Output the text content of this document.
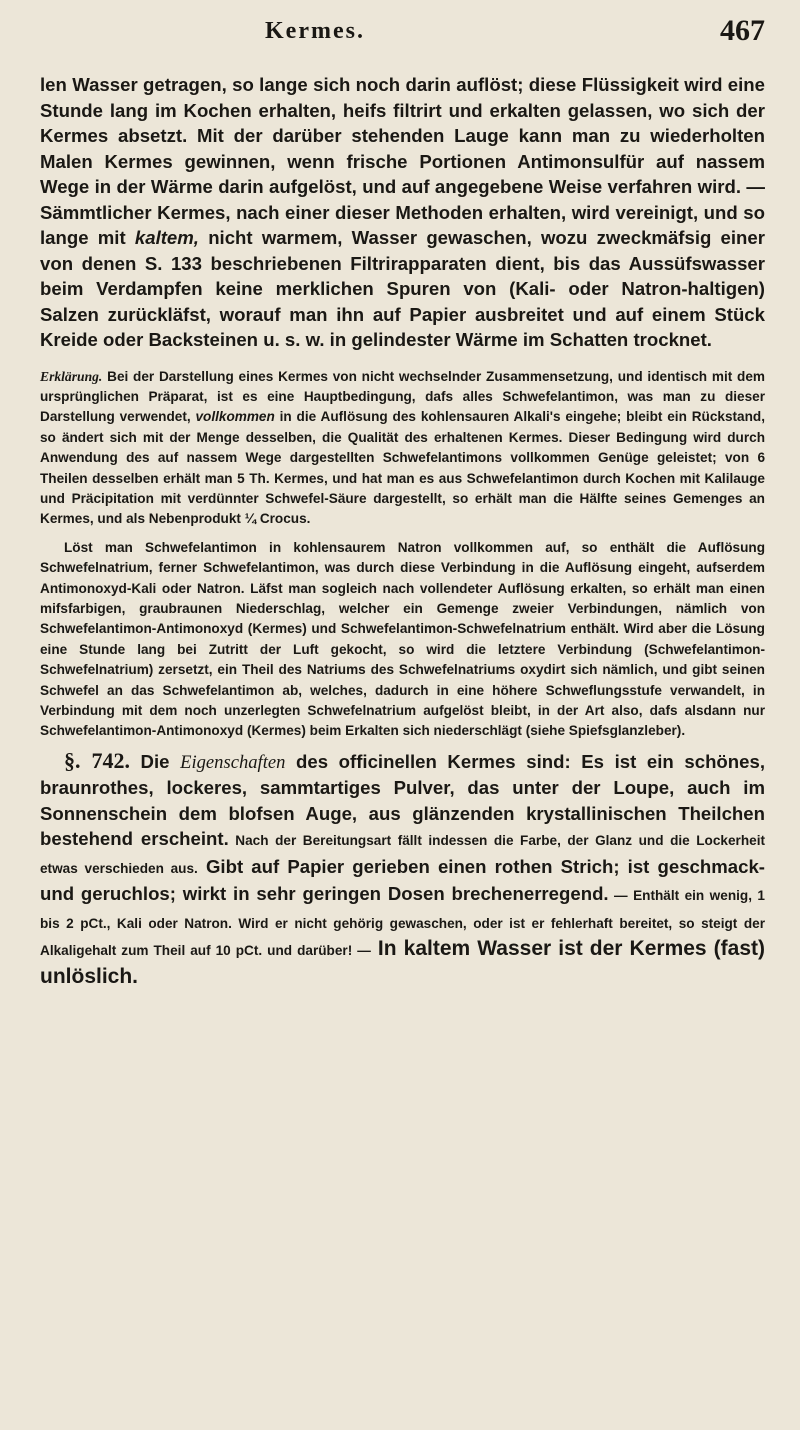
Kermes.	467

len Wasser getragen, so lange sich noch darin auflöst; diese Flüssigkeit wird eine Stunde lang im Kochen erhalten, heifs filtrirt und erkalten gelassen, wo sich der Kermes absetzt. Mit der darüber stehenden Lauge kann man zu wiederholten Malen Kermes gewinnen, wenn frische Portionen Antimonsulfür auf nassem Wege in der Wärme darin aufgelöst, und auf angegebene Weise verfahren wird. — Sämmtlicher Kermes, nach einer dieser Methoden erhalten, wird vereinigt, und so lange mit kaltem, nicht warmem, Wasser gewaschen, wozu zweckmäfsig einer von denen S. 133 beschriebenen Filtrirapparaten dient, bis das Aussüfswasser beim Verdampfen keine merklichen Spuren von (Kali- oder Natron-haltigen) Salzen zurückläfst, worauf man ihn auf Papier ausbreitet und auf einem Stück Kreide oder Backsteinen u. s. w. in gelindester Wärme im Schatten trocknet.

Erklärung. Bei der Darstellung eines Kermes von nicht wechselnder Zusammensetzung, und identisch mit dem ursprünglichen Präparat, ist es eine Hauptbedingung, dafs alles Schwefelantimon, was man zu dieser Darstellung verwendet, vollkommen in die Auflösung des kohlensauren Alkali's eingehe; bleibt ein Rückstand, so ändert sich mit der Menge desselben, die Qualität des erhaltenen Kermes. Dieser Bedingung wird durch Anwendung des auf nassem Wege dargestellten Schwefelantimons vollkommen Genüge geleistet; von 6 Theilen desselben erhält man 5 Th. Kermes, und hat man es aus Schwefelantimon durch Kochen mit Kalilauge und Präcipitation mit verdünnter Schwefel-Säure dargestellt, so erhält man die Hälfte seines Gemenges an Kermes, und als Nebenprodukt ¼ Crocus.

Löst man Schwefelantimon in kohlensaurem Natron vollkommen auf, so enthält die Auflösung Schwefelnatrium, ferner Schwefelantimon, was durch diese Verbindung in die Auflösung eingeht, aufserdem Antimonoxyd-Kali oder Natron. Läfst man sogleich nach vollendeter Auflösung erkalten, so erhält man einen mifsfarbigen, graubraunen Niederschlag, welcher ein Gemenge zweier Verbindungen, nämlich von Schwefelantimon-Antimonoxyd (Kermes) und Schwefelantimon-Schwefelnatrium enthält. Wird aber die Lösung eine Stunde lang bei Zutritt der Luft gekocht, so wird die letztere Verbindung (Schwefelantimon-Schwefelnatrium) zersetzt, ein Theil des Natriums des Schwefelnatriums oxydirt sich nämlich, und gibt seinen Schwefel an das Schwefelantimon ab, welches, dadurch in eine höhere Schweflungsstufe verwandelt, in Verbindung mit dem noch unzerlegten Schwefelnatrium aufgelöst bleibt, in der Art also, dafs alsdann nur Schwefelantimon-Antimonoxyd (Kermes) beim Erkalten sich niederschlägt (siehe Spiefsglanzleber).

§. 742. Die Eigenschaften des officinellen Kermes sind: Es ist ein schönes, braunrothes, lockeres, sammtartiges Pulver, das unter der Loupe, auch im Sonnenschein dem blofsen Auge, aus glänzenden krystallinischen Theilchen bestehend erscheint. Nach der Bereitungsart fällt indessen die Farbe, der Glanz und die Lockerheit etwas verschieden aus. Gibt auf Papier gerieben einen rothen Strich; ist geschmack- und geruchlos; wirkt in sehr geringen Dosen brechenerregend. — Enthält ein wenig, 1 bis 2 pCt., Kali oder Natron. Wird er nicht gehörig gewaschen, oder ist er fehlerhaft bereitet, so steigt der Alkaligehalt zum Theil auf 10 pCt. und darüber! — In kaltem Wasser ist der Kermes (fast) unlöslich.
